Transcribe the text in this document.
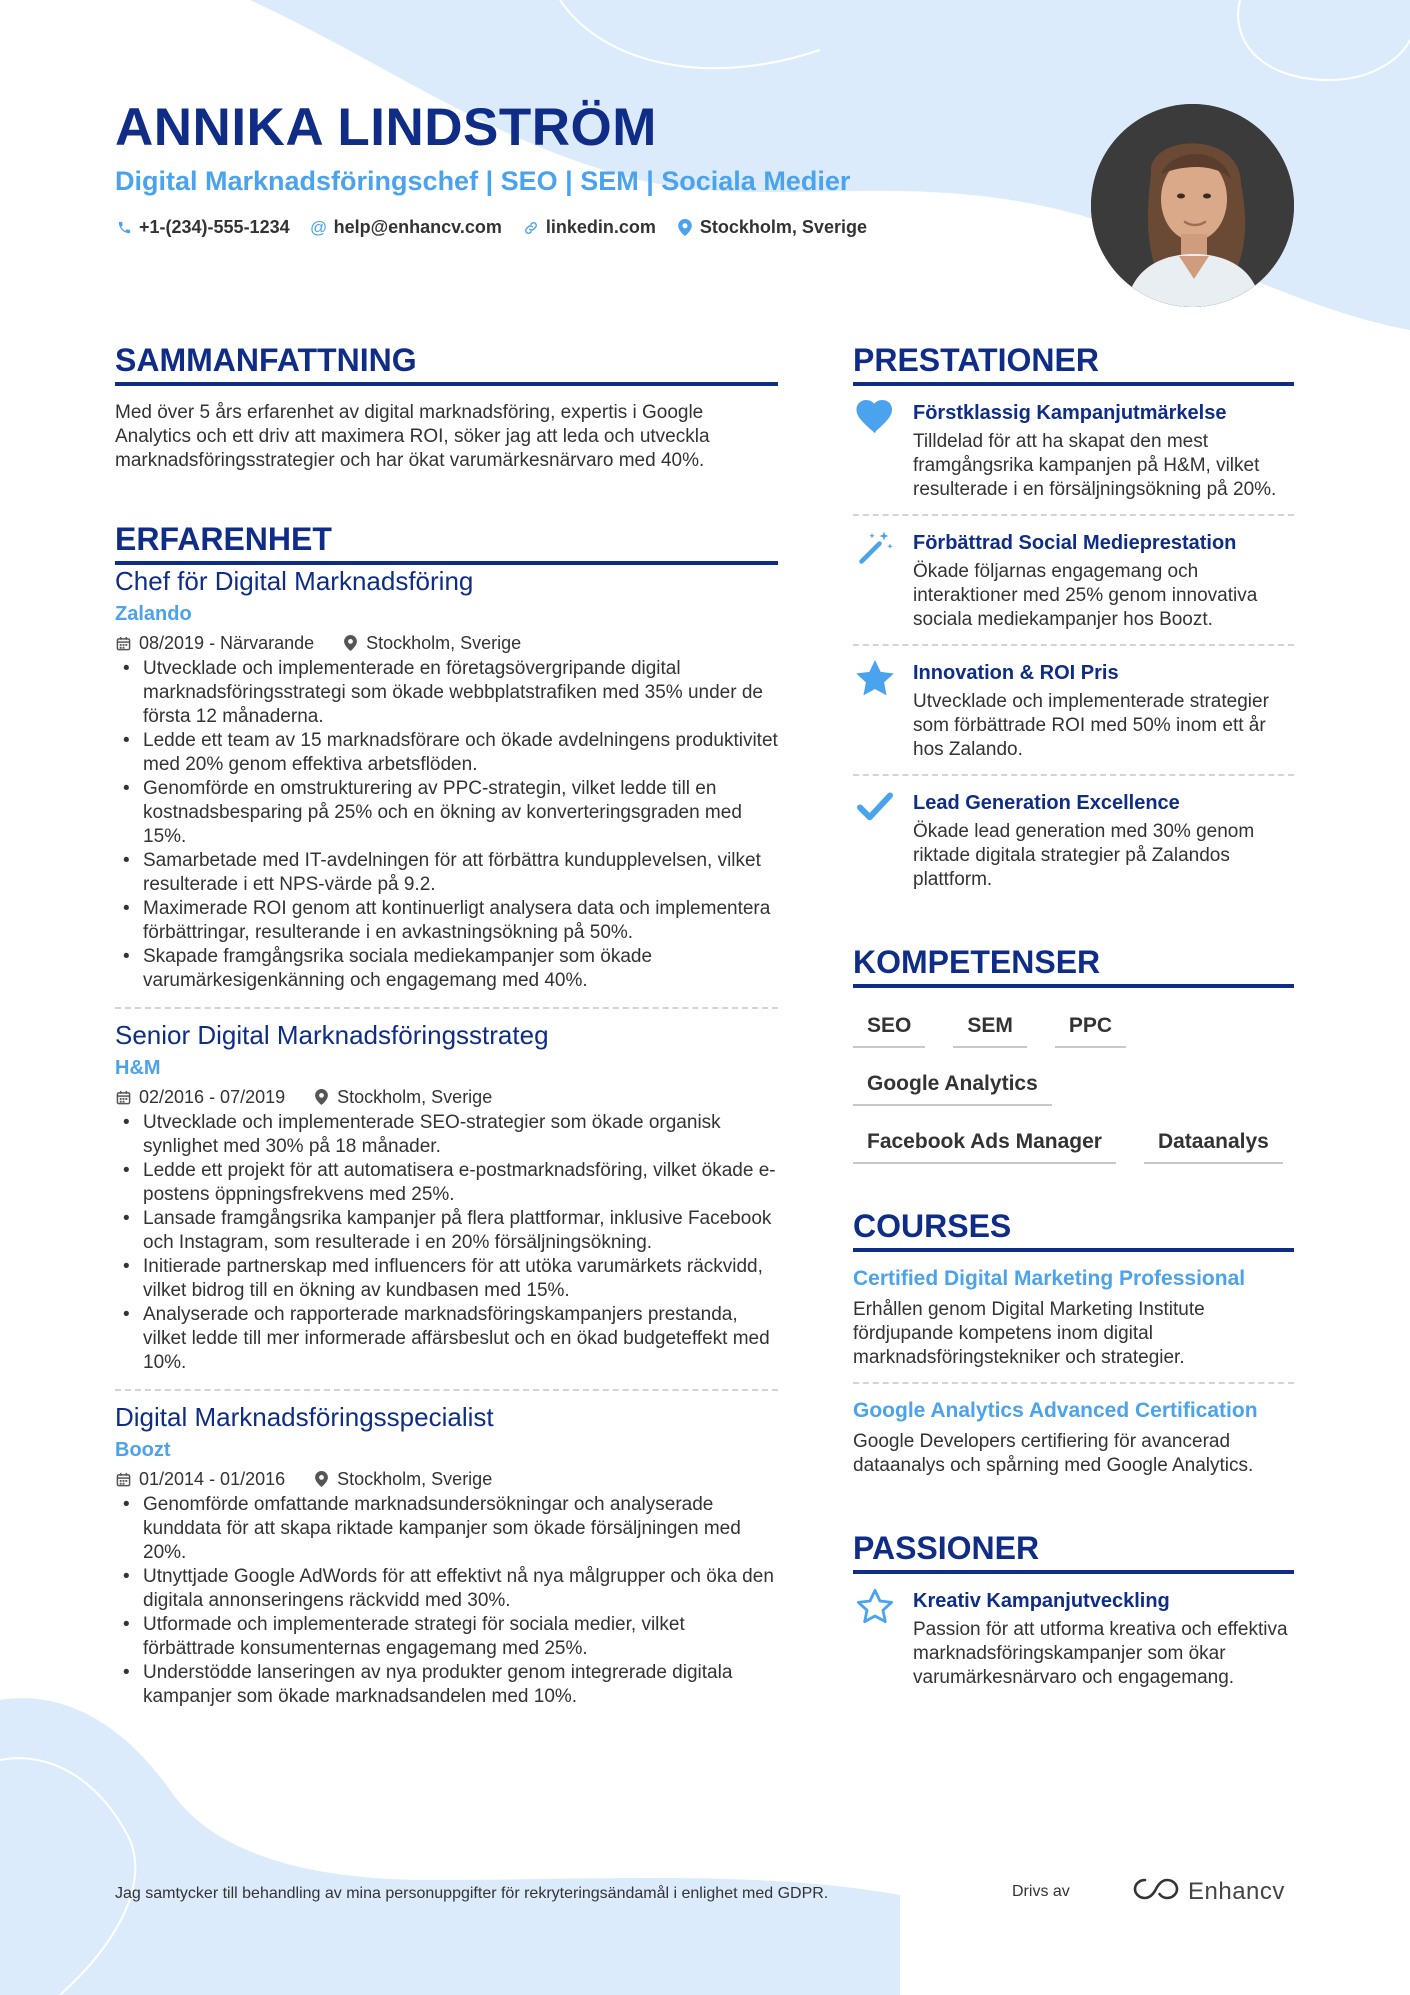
ANNIKA LINDSTRÖM
Digital Marknadsföringschef | SEO | SEM | Sociala Medier
+1-(234)-555-1234 @ help@enhancv.com linkedin.com Stockholm, Sverige
SAMMANFATTNING
Med över 5 års erfarenhet av digital marknadsföring, expertis i Google Analytics och ett driv att maximera ROI, söker jag att leda och utveckla marknadsföringsstrategier och har ökat varumärkesnärvaro med 40%.
ERFARENHET
Chef för Digital Marknadsföring
Zalando
08/2019 - Närvarande	Stockholm, Sverige
• Utvecklade och implementerade en företagsövergripande digital marknadsföringsstrategi som ökade webbplatstrafiken med 35% under de första 12 månaderna.
• Ledde ett team av 15 marknadsförare och ökade avdelningens produktivitet med 20% genom effektiva arbetsflöden.
• Genomförde en omstrukturering av PPC-strategin, vilket ledde till en kostnadsbesparing på 25% och en ökning av konverteringsgraden med 15%.
• Samarbetade med IT-avdelningen för att förbättra kundupplevelsen, vilket resulterade i ett NPS-värde på 9.2.
• Maximerade ROI genom att kontinuerligt analysera data och implementera förbättringar, resulterande i en avkastningsökning på 50%.
• Skapade framgångsrika sociala mediekampanjer som ökade varumärkesigenkänning och engagemang med 40%.
Senior Digital Marknadsföringsstrateg
H&M
02/2016 - 07/2019	Stockholm, Sverige
• Utvecklade och implementerade SEO-strategier som ökade organisk synlighet med 30% på 18 månader.
• Ledde ett projekt för att automatisera e-postmarknadsföring, vilket ökade e-postens öppningsfrekvens med 25%.
• Lansade framgångsrika kampanjer på flera plattformar, inklusive Facebook och Instagram, som resulterade i en 20% försäljningsökning.
• Initierade partnerskap med influencers för att utöka varumärkets räckvidd, vilket bidrog till en ökning av kundbasen med 15%.
• Analyserade och rapporterade marknadsföringskampanjers prestanda, vilket ledde till mer informerade affärsbeslut och en ökad budgeteffekt med 10%.
Digital Marknadsföringsspecialist
Boozt
01/2014 - 01/2016	Stockholm, Sverige
• Genomförde omfattande marknadsundersökningar och analyserade kunddata för att skapa riktade kampanjer som ökade försäljningen med 20%.
• Utnyttjade Google AdWords för att effektivt nå nya målgrupper och öka den digitala annonseringens räckvidd med 30%.
• Utformade och implementerade strategi för sociala medier, vilket förbättrade konsumenternas engagemang med 25%.
• Understödde lanseringen av nya produkter genom integrerade digitala kampanjer som ökade marknadsandelen med 10%.
PRESTATIONER
Förstklassig Kampanjutmärkelse
Tilldelad för att ha skapat den mest framgångsrika kampanjen på H&M, vilket resulterade i en försäljningsökning på 20%.
Förbättrad Social Medieprestation
Ökade följarnas engagemang och interaktioner med 25% genom innovativa sociala mediekampanjer hos Boozt.
Innovation & ROI Pris
Utvecklade och implementerade strategier som förbättrade ROI med 50% inom ett år hos Zalando.
Lead Generation Excellence
Ökade lead generation med 30% genom riktade digitala strategier på Zalandos plattform.
KOMPETENSER
SEO	SEM	PPC
Google Analytics
Facebook Ads Manager	Dataanalys
COURSES
Certified Digital Marketing Professional
Erhållen genom Digital Marketing Institute fördjupande kompetens inom digital marknadsföringstekniker och strategier.
Google Analytics Advanced Certification
Google Developers certifiering för avancerad dataanalys och spårning med Google Analytics.
PASSIONER
Kreativ Kampanjutveckling
Passion för att utforma kreativa och effektiva marknadsföringskampanjer som ökar varumärkesnärvaro och engagemang.
Jag samtycker till behandling av mina personuppgifter för rekryteringsändamål i enlighet med GDPR.	Drivs av	Enhancv
